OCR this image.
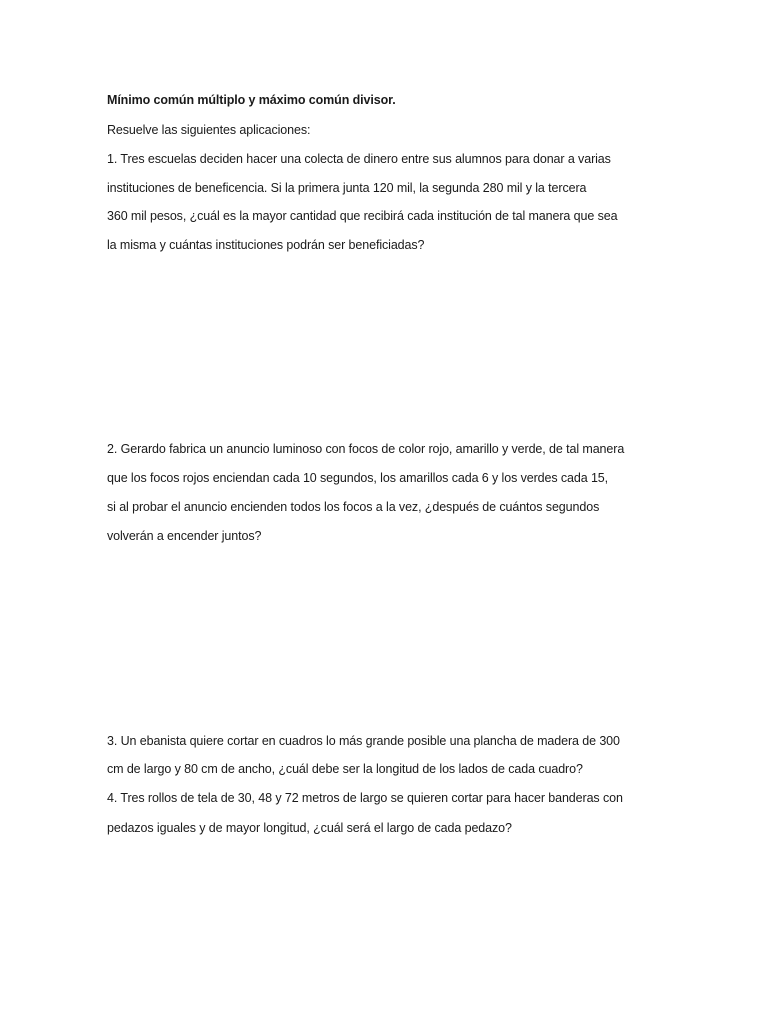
Mínimo común múltiplo y máximo común divisor.
Resuelve las siguientes aplicaciones:
1. Tres escuelas deciden hacer una colecta de dinero entre sus alumnos para donar a varias
instituciones de beneficencia. Si la primera junta 120 mil, la segunda 280 mil y la tercera
360 mil pesos, ¿cuál es la mayor cantidad que recibirá cada institución de tal manera que sea
la misma y cuántas instituciones podrán ser beneficiadas?
2. Gerardo fabrica un anuncio luminoso con focos de color rojo, amarillo y verde, de tal manera
que los focos rojos enciendan cada 10 segundos, los amarillos cada 6 y los verdes cada 15,
si al probar el anuncio encienden todos los focos a la vez, ¿después de cuántos segundos
volverán a encender juntos?
3. Un ebanista quiere cortar en cuadros lo más grande posible una plancha de madera de 300
cm de largo y 80 cm de ancho, ¿cuál debe ser la longitud de los lados de cada cuadro?
4. Tres rollos de tela de 30, 48 y 72 metros de largo se quieren cortar para hacer banderas con
pedazos iguales y de mayor longitud, ¿cuál será el largo de cada pedazo?
